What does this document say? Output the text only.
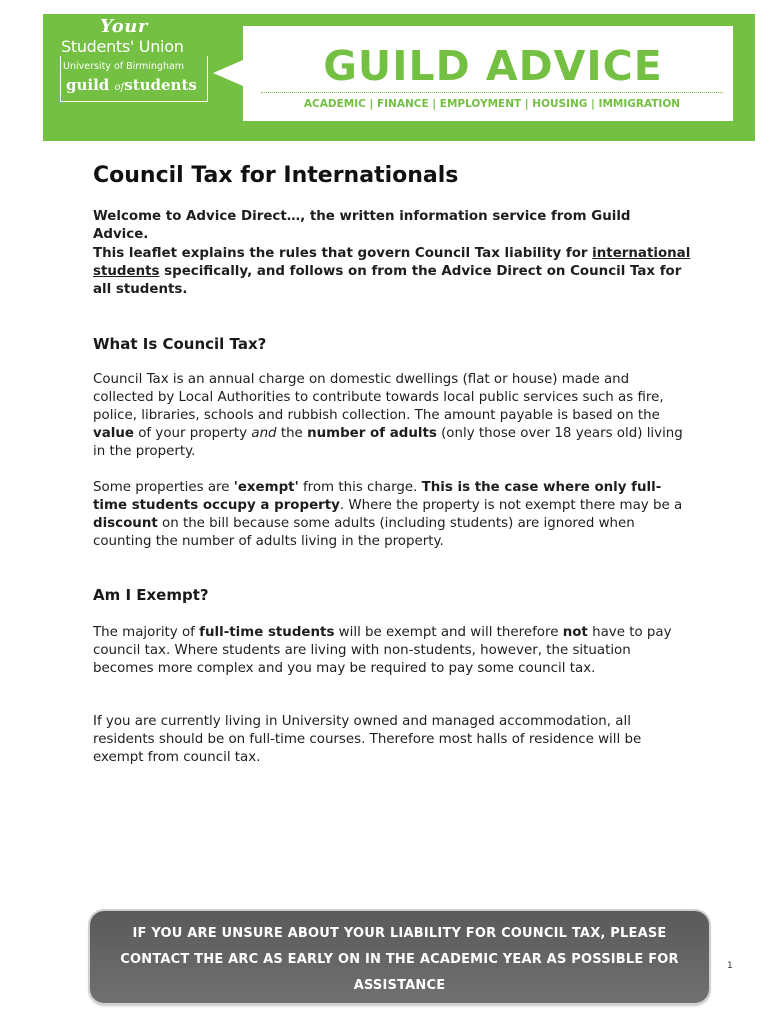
Your
Students' Union
University of Birmingham
guild ofstudents	GUILD ADVICE
ACADEMIC | FINANCE | EMPLOYMENT | HOUSING | IMMIGRATION
Council Tax for Internationals
Welcome to Advice Direct…, the written information service from Guild Advice.
This leaflet explains the rules that govern Council Tax liability for international students specifically, and follows on from the Advice Direct on Council Tax for all students.
What Is Council Tax?
Council Tax is an annual charge on domestic dwellings (flat or house) made and collected by Local Authorities to contribute towards local public services such as fire, police, libraries, schools and rubbish collection. The amount payable is based on the value of your property and the number of adults (only those over 18 years old) living in the property.
Some properties are 'exempt' from this charge. This is the case where only full-time students occupy a property. Where the property is not exempt there may be a discount on the bill because some adults (including students) are ignored when counting the number of adults living in the property.
Am I Exempt?
The majority of full-time students will be exempt and will therefore not have to pay council tax. Where students are living with non-students, however, the situation becomes more complex and you may be required to pay some council tax.
If you are currently living in University owned and managed accommodation, all residents should be on full-time courses. Therefore most halls of residence will be exempt from council tax.
IF YOU ARE UNSURE ABOUT YOUR LIABILITY FOR COUNCIL TAX, PLEASE CONTACT THE ARC AS EARLY ON IN THE ACADEMIC YEAR AS POSSIBLE FOR ASSISTANCE
1
